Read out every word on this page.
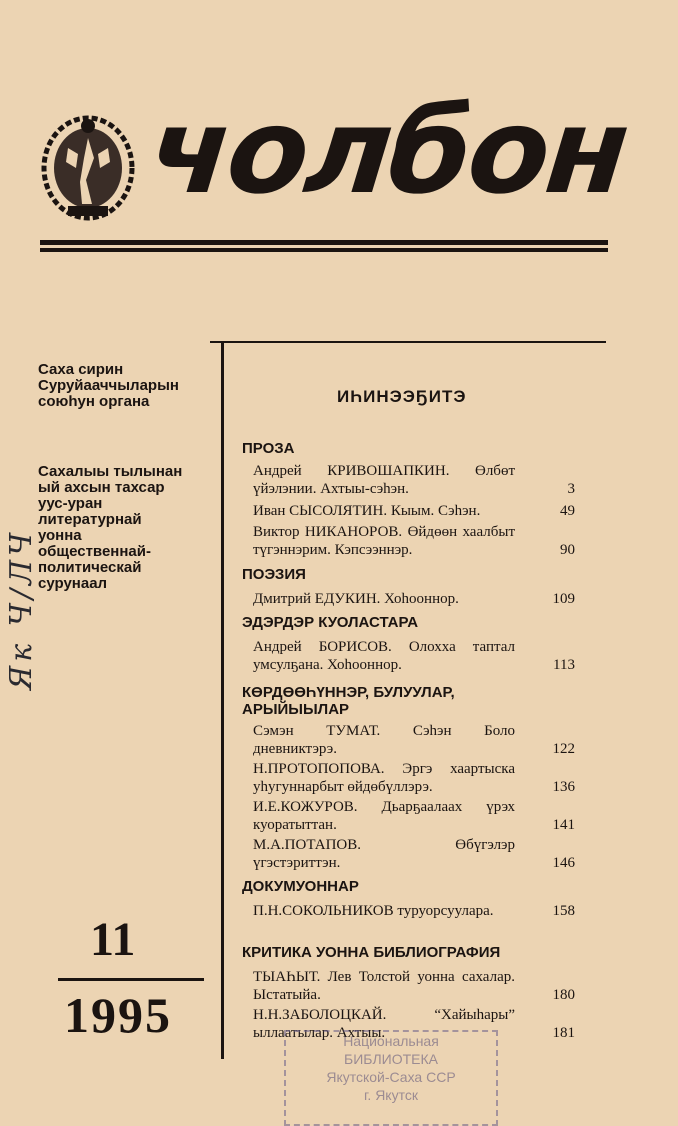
чолбон
Саха сирин
Суруйааччыларын
союһун органа
Сахалыы тылынан
ый ахсын тахсар
уус-уран
литературнай
уонна
общественнай-
политическай
сурунаал
Як Ч/ЛЧ
11
1995
ИҺИНЭЭҔИТЭ
ПРОЗА
Андрей КРИВОШАПКИН. Өлбөт үйэлэнии. Ахтыы-сэһэн.	3
Иван СЫСОЛЯТИН. Кыым. Сэһэн.	49
Виктор НИКАНОРОВ. Өйдөөн хаалбыт түгэннэрим. Кэпсээннэр.	90
ПОЭЗИЯ
Дмитрий ЕДУКИН. Хоһооннор.	109
ЭДЭРДЭР КУОЛАСТАРА
Андрей БОРИСОВ. Олохха таптал умсулҕана. Хоһооннор.	113
КӨРДӨӨҺҮННЭР, БУЛУУЛАР, АРЫЙЫЫЛАР
Сэмэн ТУМАТ. Сэһэн Боло дневниктэрэ.	122
Н.ПРОТОПОПОВА. Эргэ хаартыска уһугуннарбыт өйдөбүллэрэ.	136
И.Е.КОЖУРОВ. Дьарҕаалаах үрэх куоратыттан.	141
М.А.ПОТАПОВ. Өбүгэлэр үгэстэриттэн.	146
ДОКУМУОННАР
П.Н.СОКОЛЬНИКОВ туруорсуулара.	158
КРИТИКА УОННА БИБЛИОГРАФИЯ
ТЫАҺЫТ. Лев Толстой уонна сахалар. Ыстатыйа.	180
Н.Н.ЗАБОЛОЦКАЙ. “Хайыһары” ыллаатылар. Ахтыы.	181
Национальная
БИБЛИОТЕКА
Якутской-Саха ССР
г. Якутск
